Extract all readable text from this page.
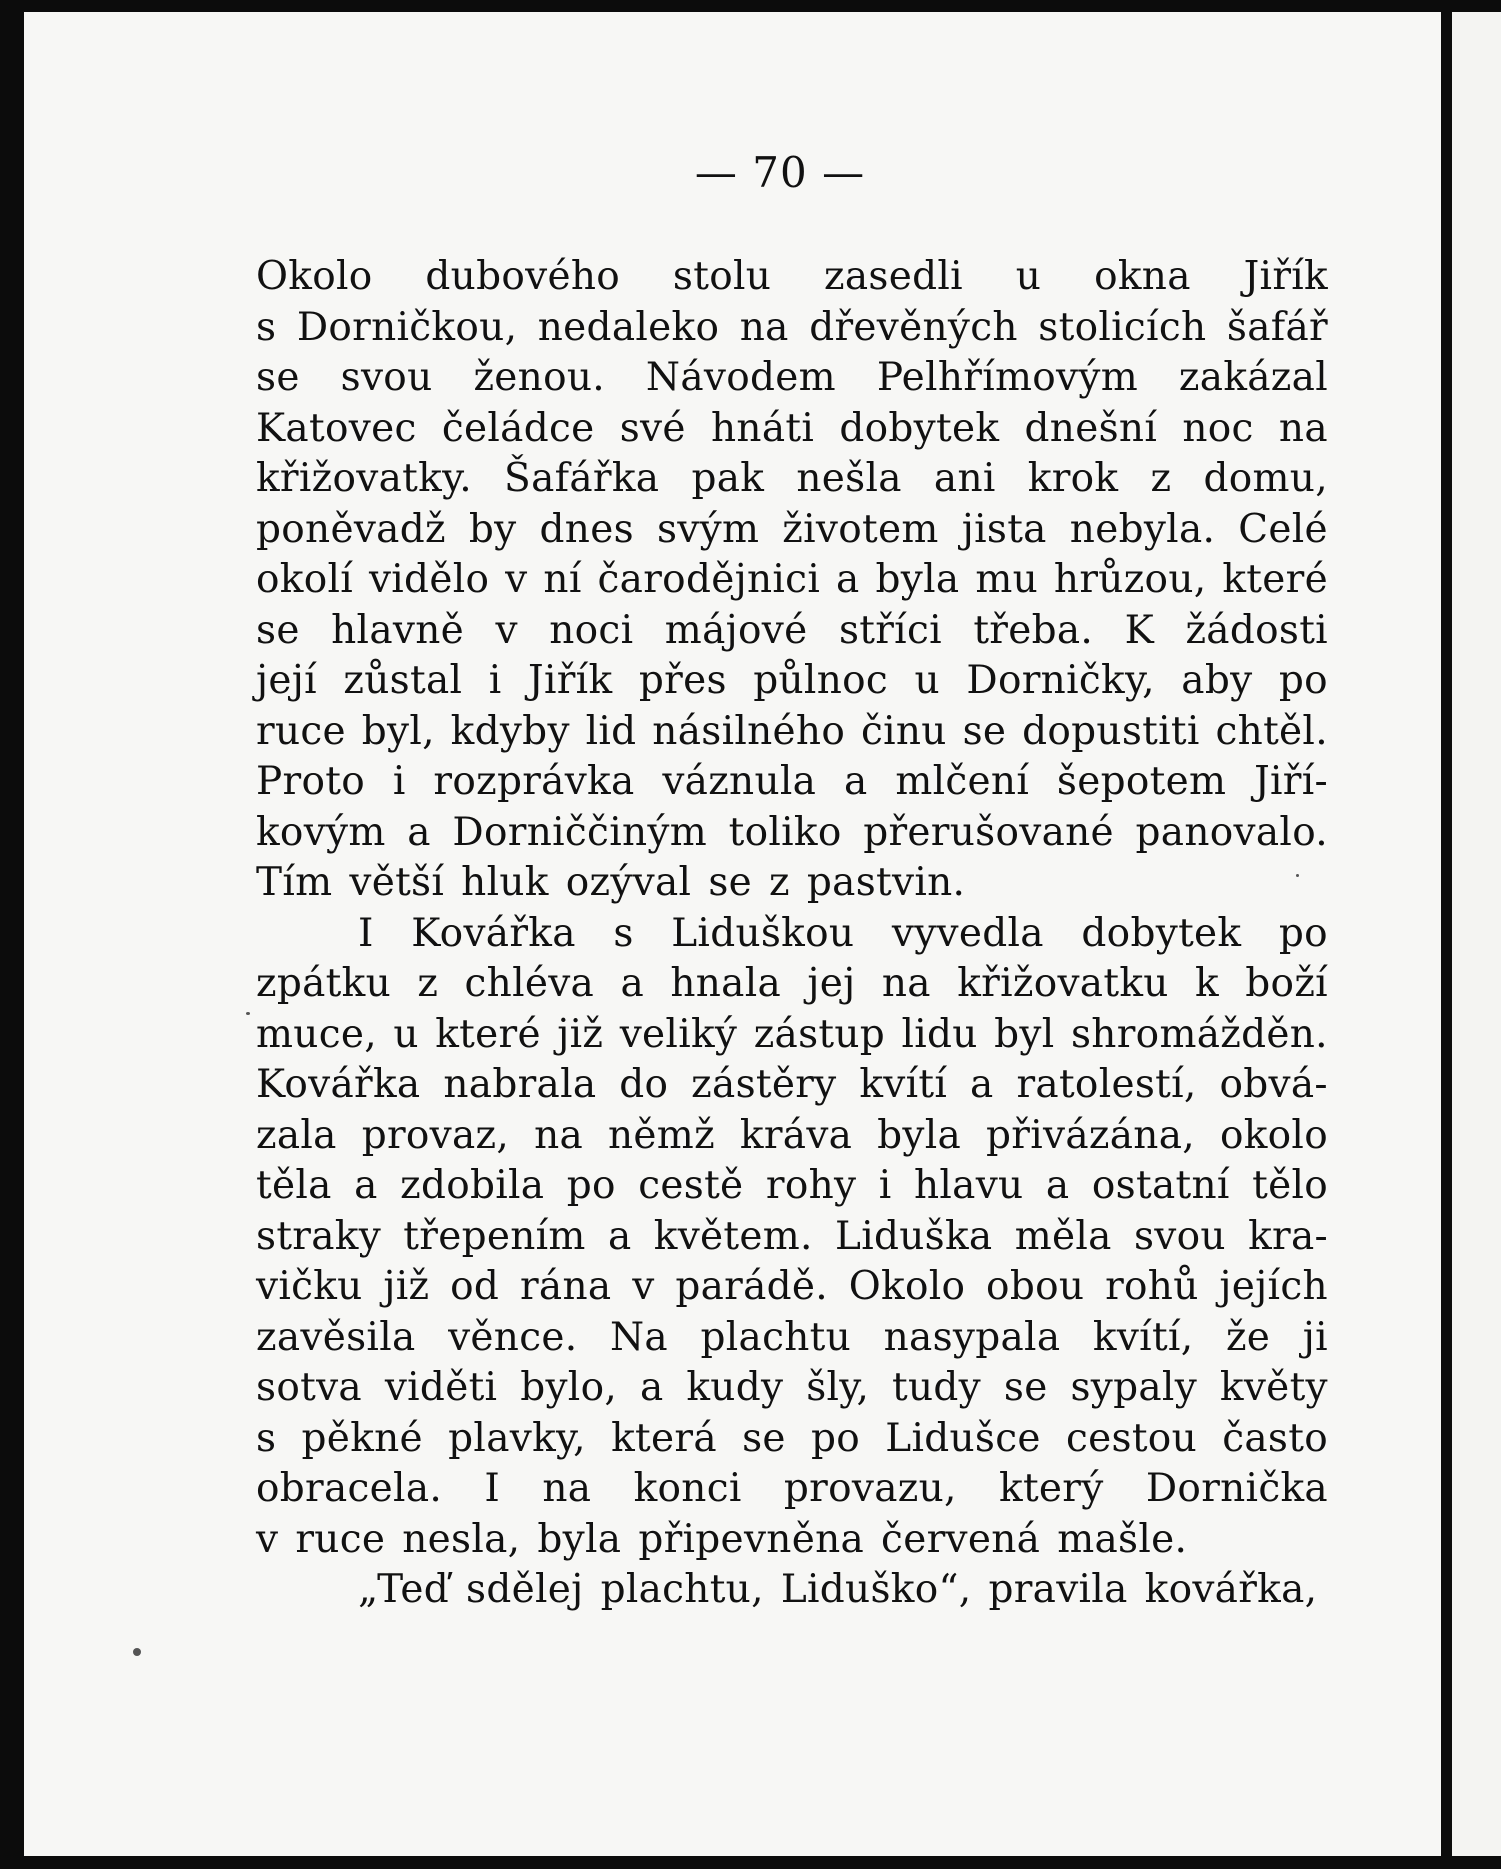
— 70 —
Okolo dubového stolu zasedli u okna Jiřík
s Dorničkou, nedaleko na dřevěných stolicích šafář
se svou ženou. Návodem Pelhřímovým zakázal
Katovec čeládce své hnáti dobytek dnešní noc na
křižovatky. Šafářka pak nešla ani krok z domu,
poněvadž by dnes svým životem jista nebyla. Celé
okolí vidělo v ní čarodějnici a byla mu hrůzou, které
se hlavně v noci májové stříci třeba. K žádosti
její zůstal i Jiřík přes půlnoc u Dorničky, aby po
ruce byl, kdyby lid násilného činu se dopustiti chtěl.
Proto i rozprávka váznula a mlčení šepotem Jiří-
kovým a Dorniččiným toliko přerušované panovalo.
Tím větší hluk ozýval se z pastvin.
I Kovářka s Liduškou vyvedla dobytek po
zpátku z chléva a hnala jej na křižovatku k boží
muce, u které již veliký zástup lidu byl shromážděn.
Kovářka nabrala do zástěry kvítí a ratolestí, obvá-
zala provaz, na němž kráva byla přivázána, okolo
těla a zdobila po cestě rohy i hlavu a ostatní tělo
straky třepením a květem. Liduška měla svou kra-
vičku již od rána v parádě. Okolo obou rohů jejích
zavěsila věnce. Na plachtu nasypala kvítí, že ji
sotva viděti bylo, a kudy šly, tudy se sypaly květy
s pěkné plavky, která se po Lidušce cestou často
obracela. I na konci provazu, který Dornička
v ruce nesla, byla připevněna červená mašle.
„Teď sdělej plachtu, Liduško“, pravila kovářka,
